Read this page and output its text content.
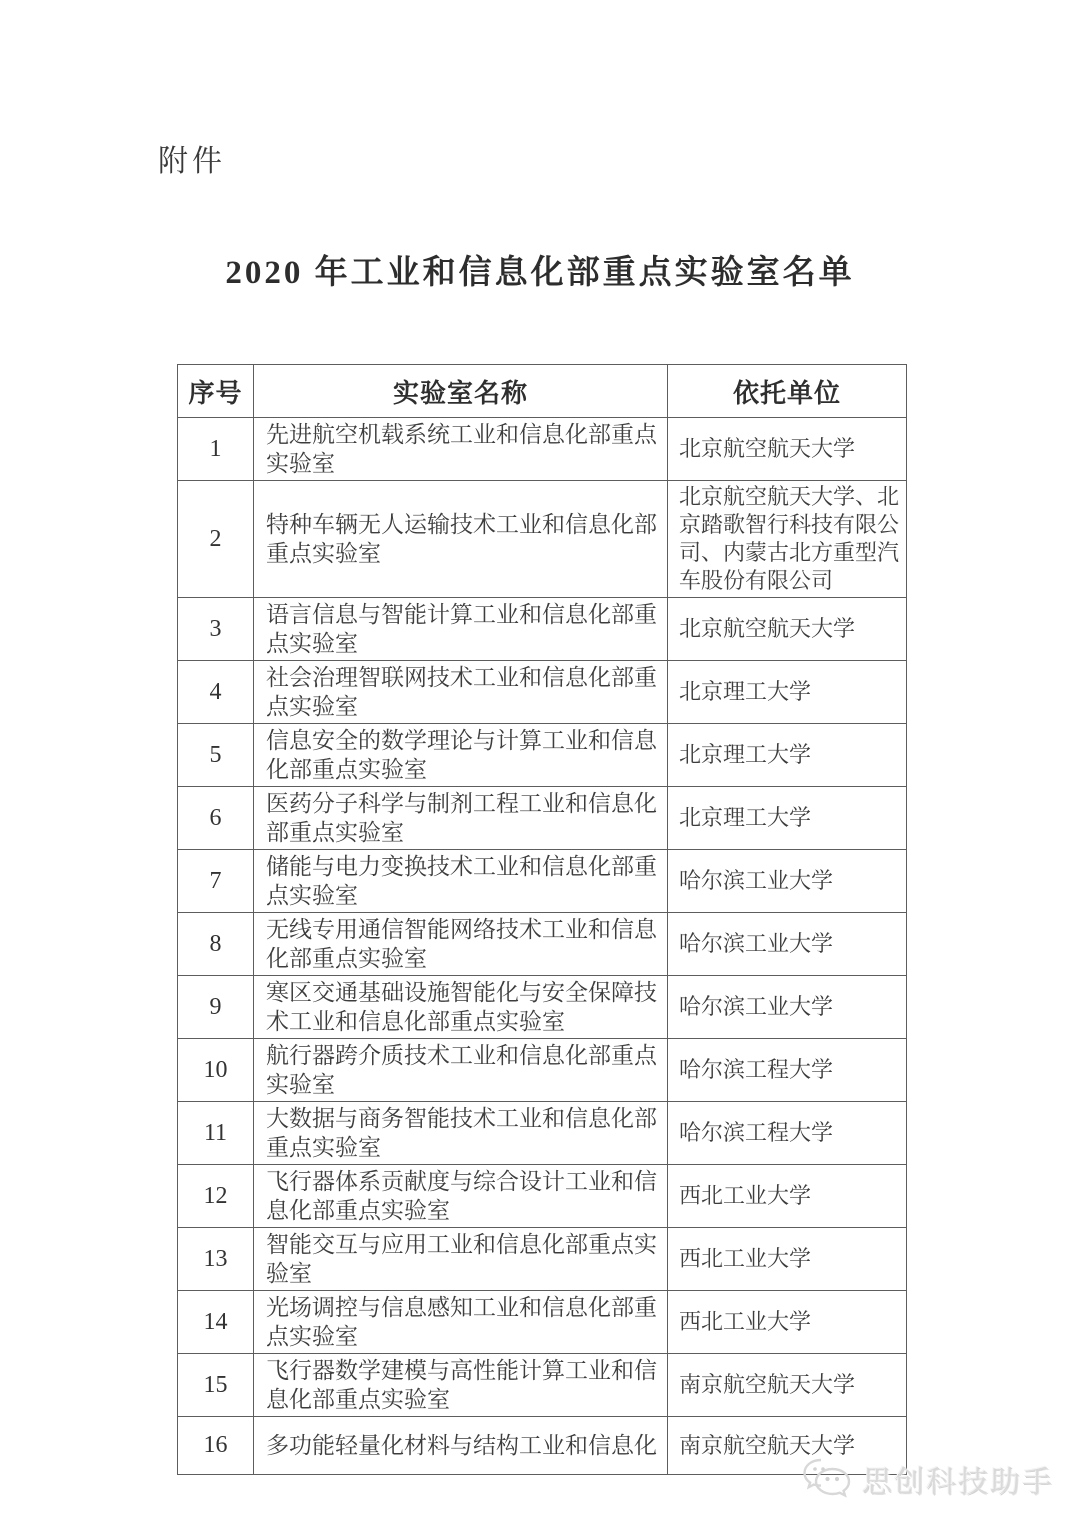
附件
2020 年工业和信息化部重点实验室名单
序号	实验室名称	依托单位
1	先进航空机载系统工业和信息化部重点实验室	北京航空航天大学
2	特种车辆无人运输技术工业和信息化部重点实验室	北京航空航天大学、北京踏歌智行科技有限公司、内蒙古北方重型汽车股份有限公司
3	语言信息与智能计算工业和信息化部重点实验室	北京航空航天大学
4	社会治理智联网技术工业和信息化部重点实验室	北京理工大学
5	信息安全的数学理论与计算工业和信息化部重点实验室	北京理工大学
6	医药分子科学与制剂工程工业和信息化部重点实验室	北京理工大学
7	储能与电力变换技术工业和信息化部重点实验室	哈尔滨工业大学
8	无线专用通信智能网络技术工业和信息化部重点实验室	哈尔滨工业大学
9	寒区交通基础设施智能化与安全保障技术工业和信息化部重点实验室	哈尔滨工业大学
10	航行器跨介质技术工业和信息化部重点实验室	哈尔滨工程大学
11	大数据与商务智能技术工业和信息化部重点实验室	哈尔滨工程大学
12	飞行器体系贡献度与综合设计工业和信息化部重点实验室	西北工业大学
13	智能交互与应用工业和信息化部重点实验室	西北工业大学
14	光场调控与信息感知工业和信息化部重点实验室	西北工业大学
15	飞行器数学建模与高性能计算工业和信息化部重点实验室	南京航空航天大学
16	多功能轻量化材料与结构工业和信息化	南京航空航天大学
思创科技助手
